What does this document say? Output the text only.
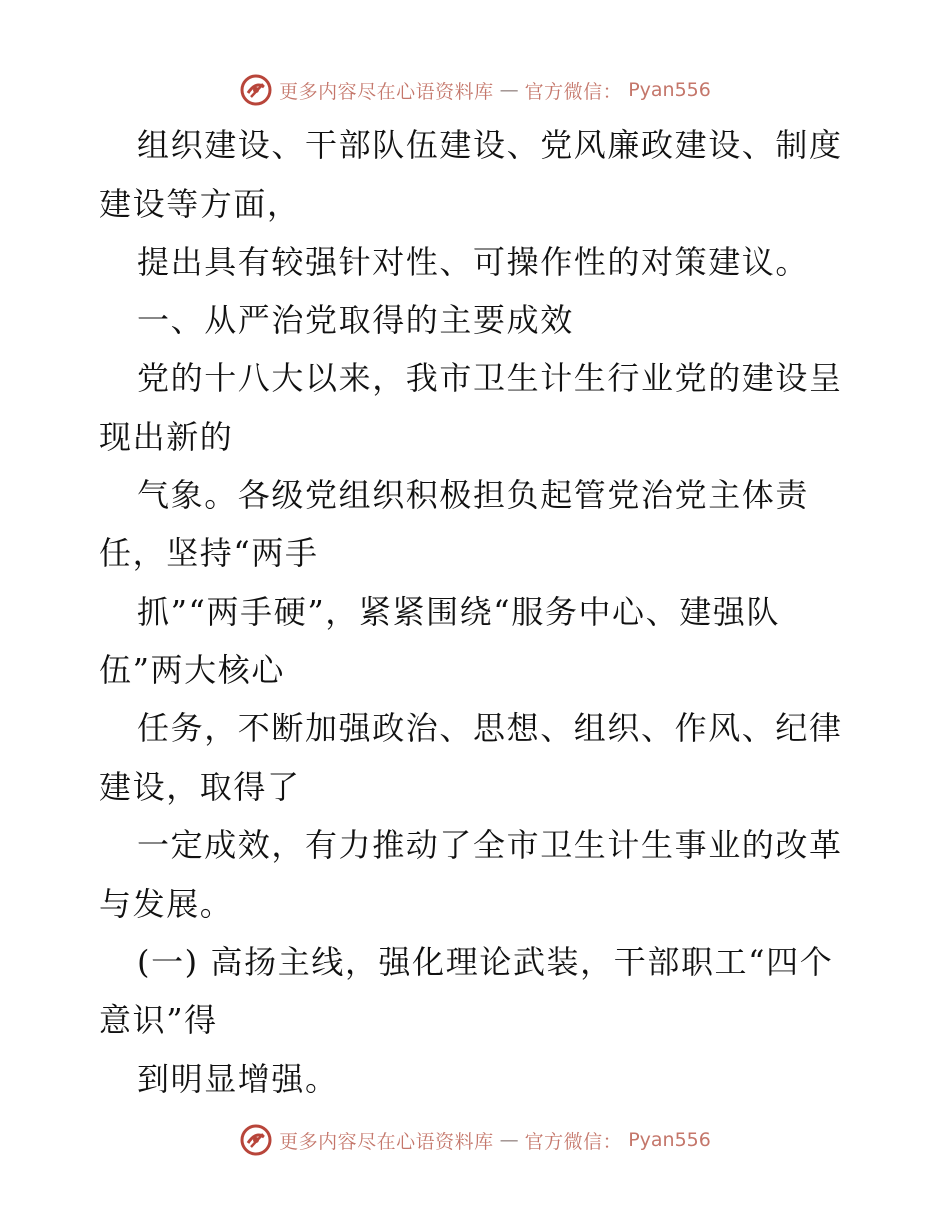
更多内容尽在心语资料库 — 官方微信： Pyan556
组织建设、干部队伍建设、党风廉政建设、制度
建设等方面，
提出具有较强针对性、可操作性的对策建议。
一、从严治党取得的主要成效
党的十八大以来，我市卫生计生行业党的建设呈
现出新的
气象。各级党组织积极担负起管党治党主体责
任，坚持“两手
抓”“两手硬”，紧紧围绕“服务中心、建强队
伍”两大核心
任务，不断加强政治、思想、组织、作风、纪律
建设，取得了
一定成效，有力推动了全市卫生计生事业的改革
与发展。
(一) 高扬主线，强化理论武装，干部职工“四个
意识”得
到明显增强。
更多内容尽在心语资料库 — 官方微信： Pyan556
